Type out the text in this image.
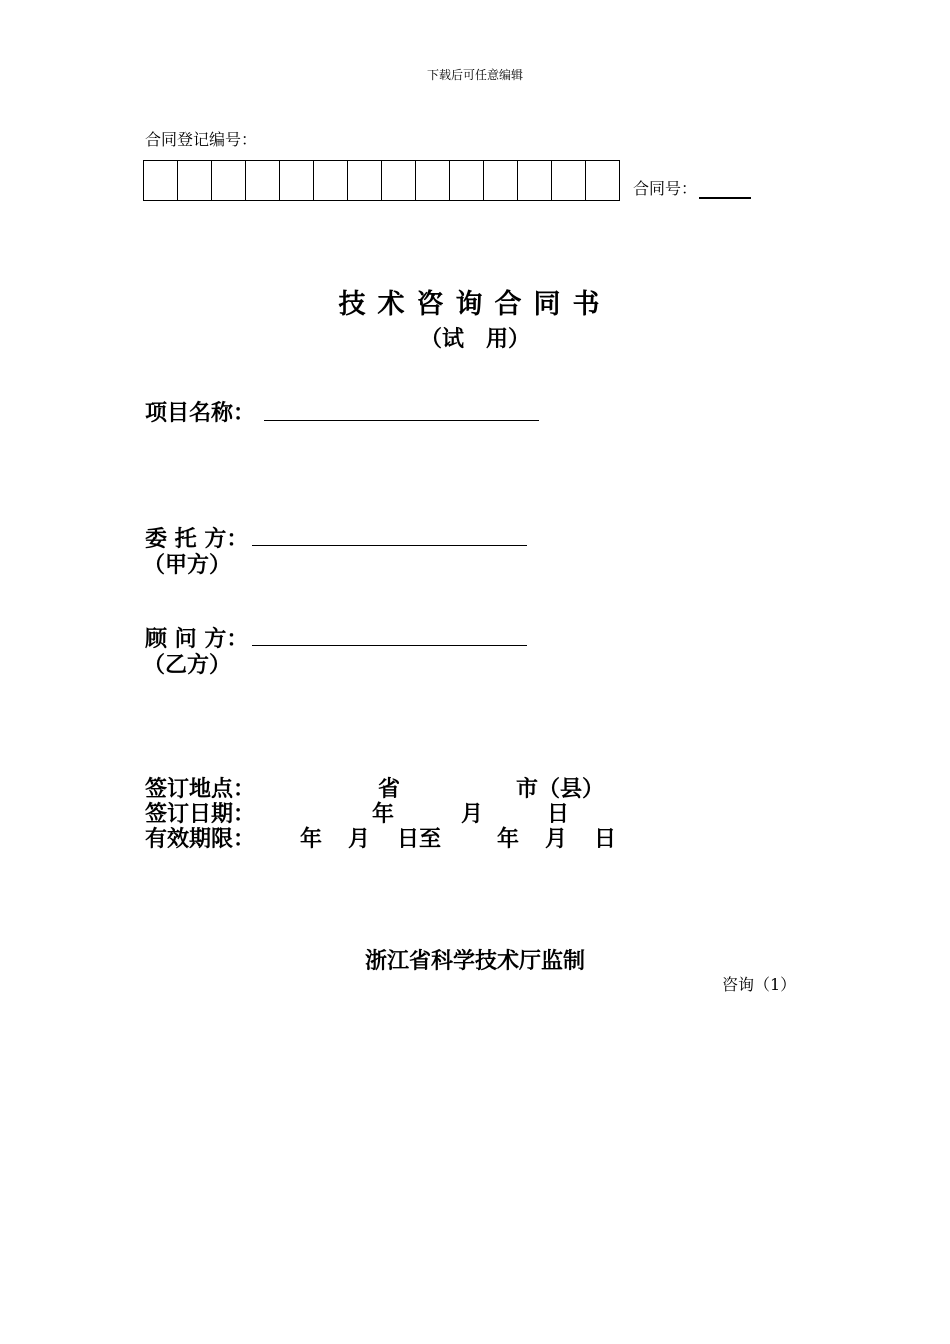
下载后可任意编辑
合同登记编号：
合同号：
技术咨询合同书
（试　用）
项目名称：
委 托 方：
（甲方）
顾 问 方：
（乙方）
签订地点：	省	市（县）
签订日期：	年	月	日
有效期限： 年 月 日至	年 月 日
浙江省科学技术厅监制
咨询（1）
